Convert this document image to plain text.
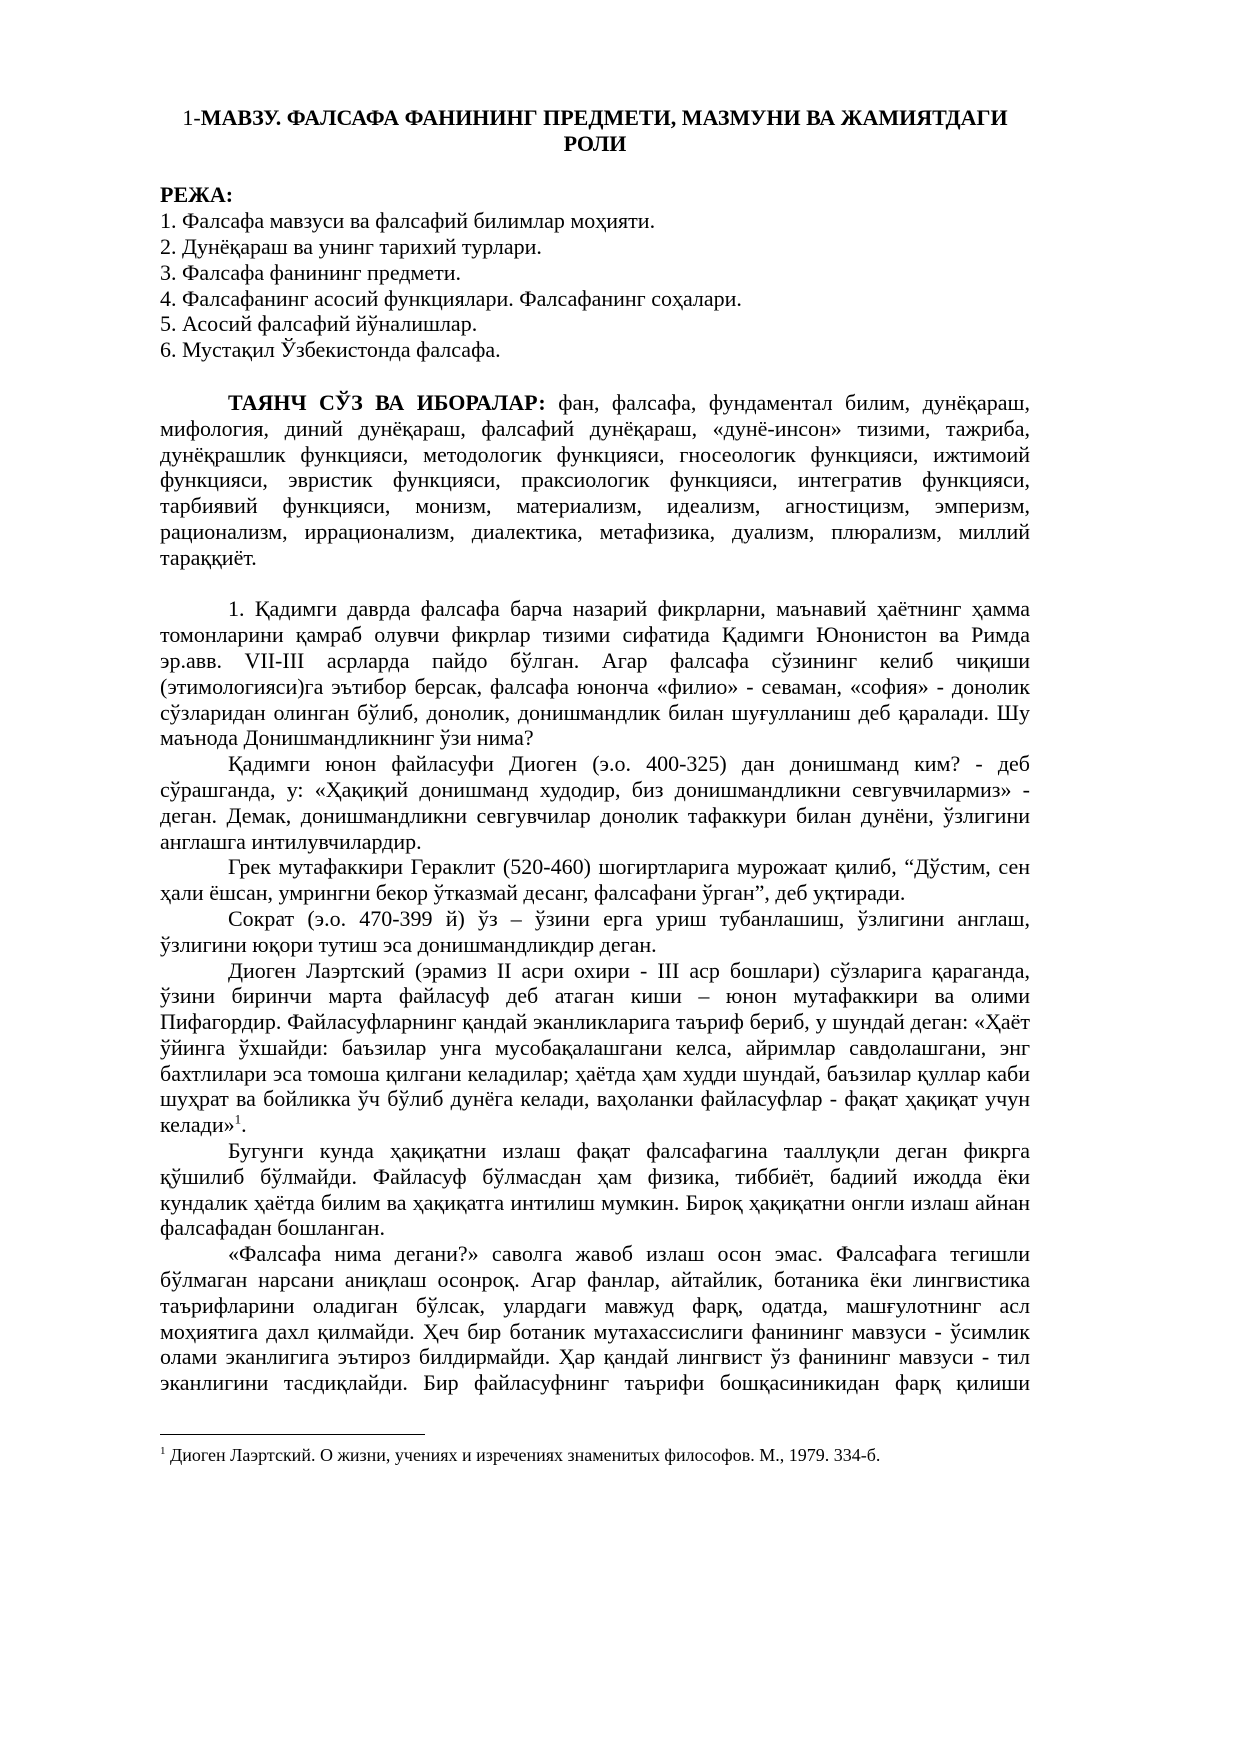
1-МАВЗУ. ФАЛСАФА ФАНИНИНГ ПРЕДМЕТИ, МАЗМУНИ ВА ЖАМИЯТДАГИ
РОЛИ
РЕЖА:
1. Фалсафа мавзуси ва фалсафий билимлар моҳияти.
2. Дунёқараш ва унинг тарихий турлари.
3. Фалсафа фанининг предмети.
4. Фалсафанинг асосий функциялари. Фалсафанинг соҳалари.
5. Асосий фалсафий йўналишлар.
6. Мустақил Ўзбекистонда фалсафа.

ТАЯНЧ СЎЗ ВА ИБОРАЛАР: фан, фалсафа, фундаментал билим, дунёқараш, мифология, диний дунёқараш, фалсафий дунёқараш, «дунё-инсон» тизими, тажриба, дунёқрашлик функцияси, методологик функцияси, гносеологик функцияси, ижтимоий функцияси, эвристик функцияси, праксиологик функцияси, интегратив функцияси, тарбиявий функцияси, монизм, материализм, идеализм, агностицизм, эмперизм, рационализм, иррационализм, диалектика, метафизика, дуализм, плюрализм, миллий тараққиёт.

1. Қадимги даврда фалсафа барча назарий фикрларни, маънавий ҳаётнинг ҳамма томонларини қамраб олувчи фикрлар тизими сифатида Қадимги Юнонистон ва Римда эр.авв. VII-III асрларда пайдо бўлган. Агар фалсафа сўзининг келиб чиқиши (этимологияси)га эътибор берсак, фалсафа юнонча «филио» - севаман, «софия» - донолик сўзларидан олинган бўлиб, донолик, донишмандлик билан шуғулланиш деб қаралади. Шу маънода Донишмандликнинг ўзи нима?

Қадимги юнон файласуфи Диоген (э.о. 400-325) дан донишманд ким? - деб сўрашганда, у: «Ҳақиқий донишманд худодир, биз донишмандликни севгувчилармиз» - деган. Демак, донишмандликни севгувчилар донолик тафаккури билан дунёни, ўзлигини англашга интилувчилардир.

Грек мутафаккири Гераклит (520-460) шогиртларига мурожаат қилиб, “Дўстим, сен ҳали ёшсан, умрингни бекор ўтказмай десанг, фалсафани ўрган”, деб уқтиради.

Сократ (э.о. 470-399 й) ўз – ўзини ерга уриш тубанлашиш, ўзлигини англаш, ўзлигини юқори тутиш эса донишмандликдир деган.

Диоген Лаэртский (эрамиз II асри охири - III аср бошлари) сўзларига қараганда, ўзини биринчи марта файласуф деб атаган киши – юнон мутафаккири ва олими Пифагордир. Файласуфларнинг қандай эканликларига таъриф бериб, у шундай деган: «Ҳаёт ўйинга ўхшайди: баъзилар унга мусобақалашгани келса, айримлар савдолашгани, энг бахтлилари эса томоша қилгани келадилар; ҳаётда ҳам худди шундай, баъзилар қуллар каби шуҳрат ва бойликка ўч бўлиб дунёга келади, ваҳоланки файласуфлар - фақат ҳақиқат учун келади»$^1$.

Бугунги кунда ҳақиқатни излаш фақат фалсафагина тааллуқли деган фикрга қўшилиб бўлмайди. Файласуф бўлмасдан ҳам физика, тиббиёт, бадиий ижодда ёки кундалик ҳаётда билим ва ҳақиқатга интилиш мумкин. Бироқ ҳақиқатни онгли излаш айнан фалсафадан бошланган.

«Фалсафа нима дегани?» саволга жавоб излаш осон эмас. Фалсафага тегишли бўлмаган нарсани аниқлаш осонроқ. Агар фанлар, айтайлик, ботаника ёки лингвистика таърифларини оладиган бўлсак, улардаги мавжуд фарқ, одатда, машғулотнинг асл моҳиятига дахл қилмайди. Ҳеч бир ботаник мутахассислиги фанининг мавзуси - ўсимлик олами эканлигига эътироз билдирмайди. Ҳар қандай лингвист ўз фанининг мавзуси - тил эканлигини тасдиқлайди. Бир файласуфнинг таърифи бошқасиникидан фарқ қилиши

$^1$ Диоген Лаэртский. О жизни, учениях и изречениях знаменитых философов. М., 1979. 334-б.
